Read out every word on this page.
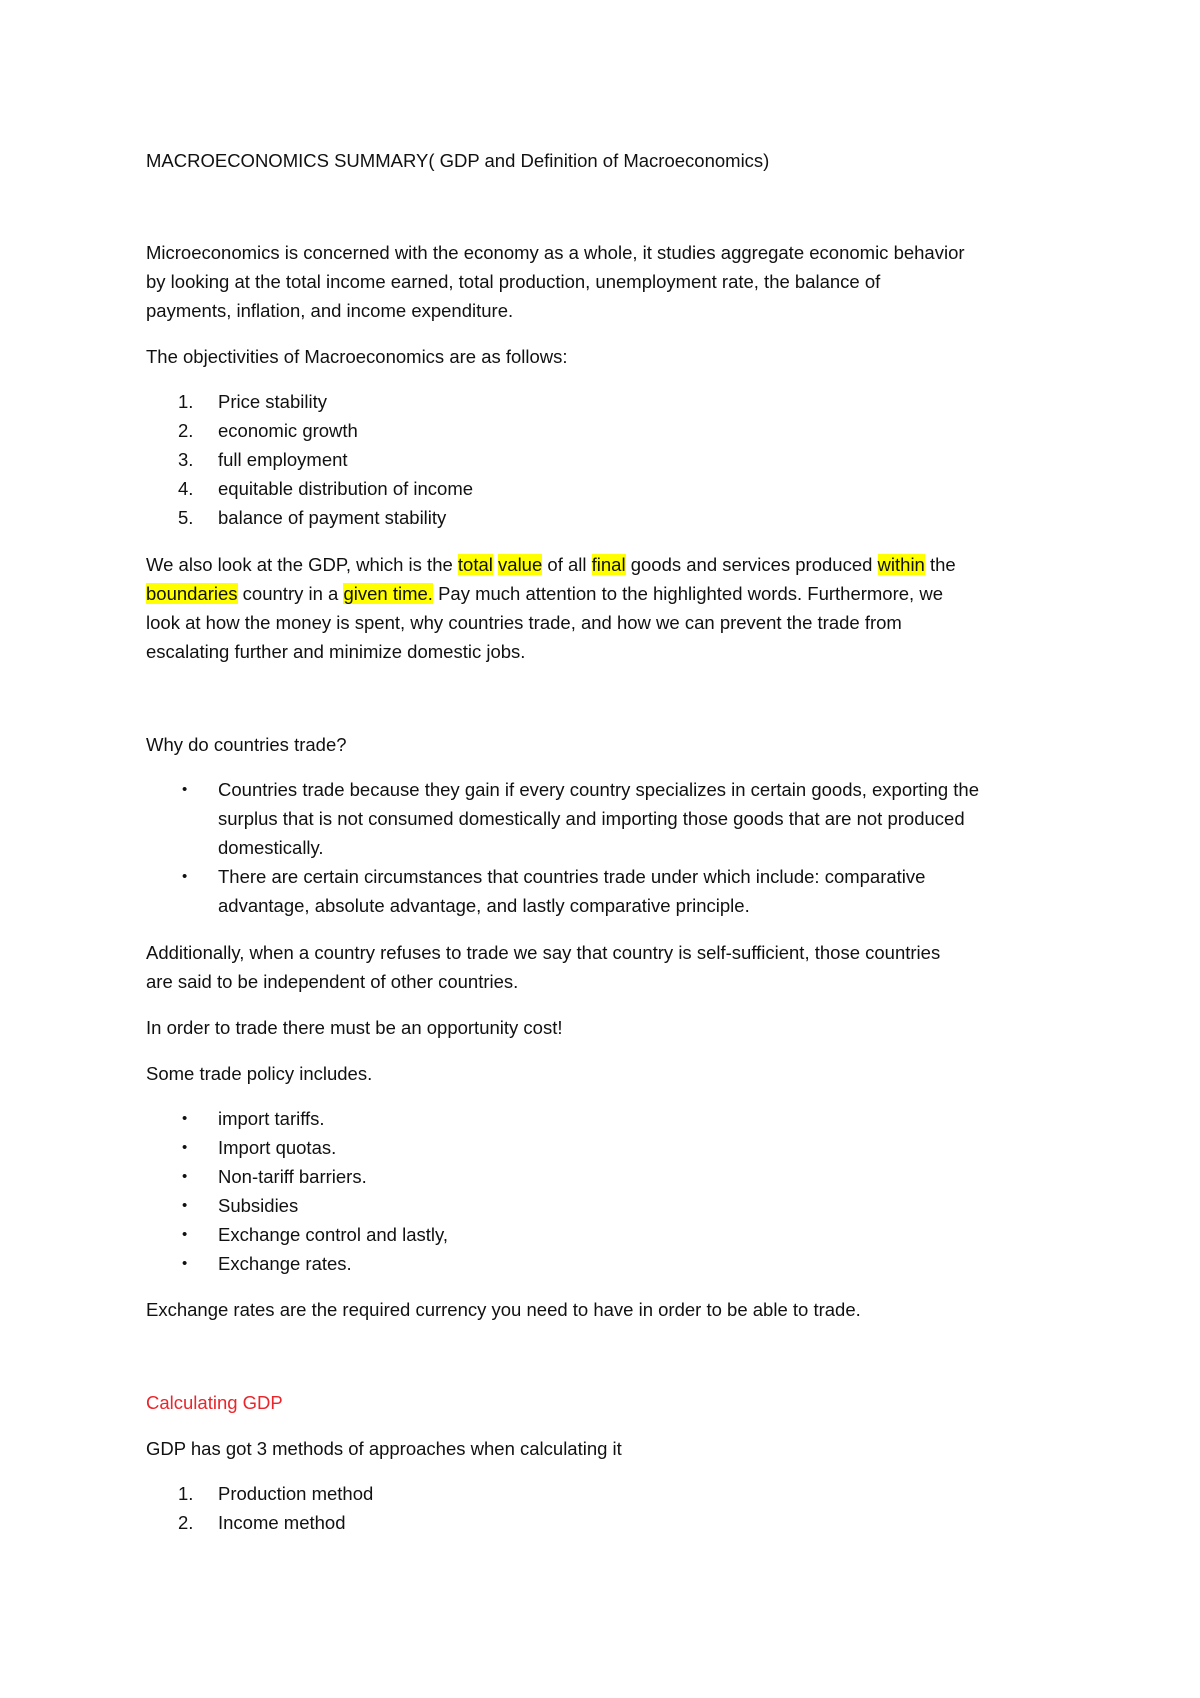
MACROECONOMICS SUMMARY( GDP and Definition of Macroeconomics)
Microeconomics is concerned with the economy as a whole, it studies aggregate economic behavior
by looking at the total income earned, total production, unemployment rate, the balance of
payments, inflation, and income expenditure.
The objectivities of Macroeconomics are as follows:
1.	Price stability
2.	economic growth
3.	full employment
4.	equitable distribution of income
5.	balance of payment stability
We also look at the GDP, which is the total value of all final goods and services produced within the
boundaries country in a given time. Pay much attention to the highlighted words. Furthermore, we
look at how the money is spent, why countries trade, and how we can prevent the trade from
escalating further and minimize domestic jobs.
Why do countries trade?
• Countries trade because they gain if every country specializes in certain goods, exporting the
surplus that is not consumed domestically and importing those goods that are not produced
domestically.
• There are certain circumstances that countries trade under which include: comparative
advantage, absolute advantage, and lastly comparative principle.
Additionally, when a country refuses to trade we say that country is self-sufficient, those countries
are said to be independent of other countries.
In order to trade there must be an opportunity cost!
Some trade policy includes.
• import tariffs.
• Import quotas.
• Non-tariff barriers.
• Subsidies
• Exchange control and lastly,
• Exchange rates.
Exchange rates are the required currency you need to have in order to be able to trade.
Calculating GDP
GDP has got 3 methods of approaches when calculating it
1.	Production method
2.	Income method
